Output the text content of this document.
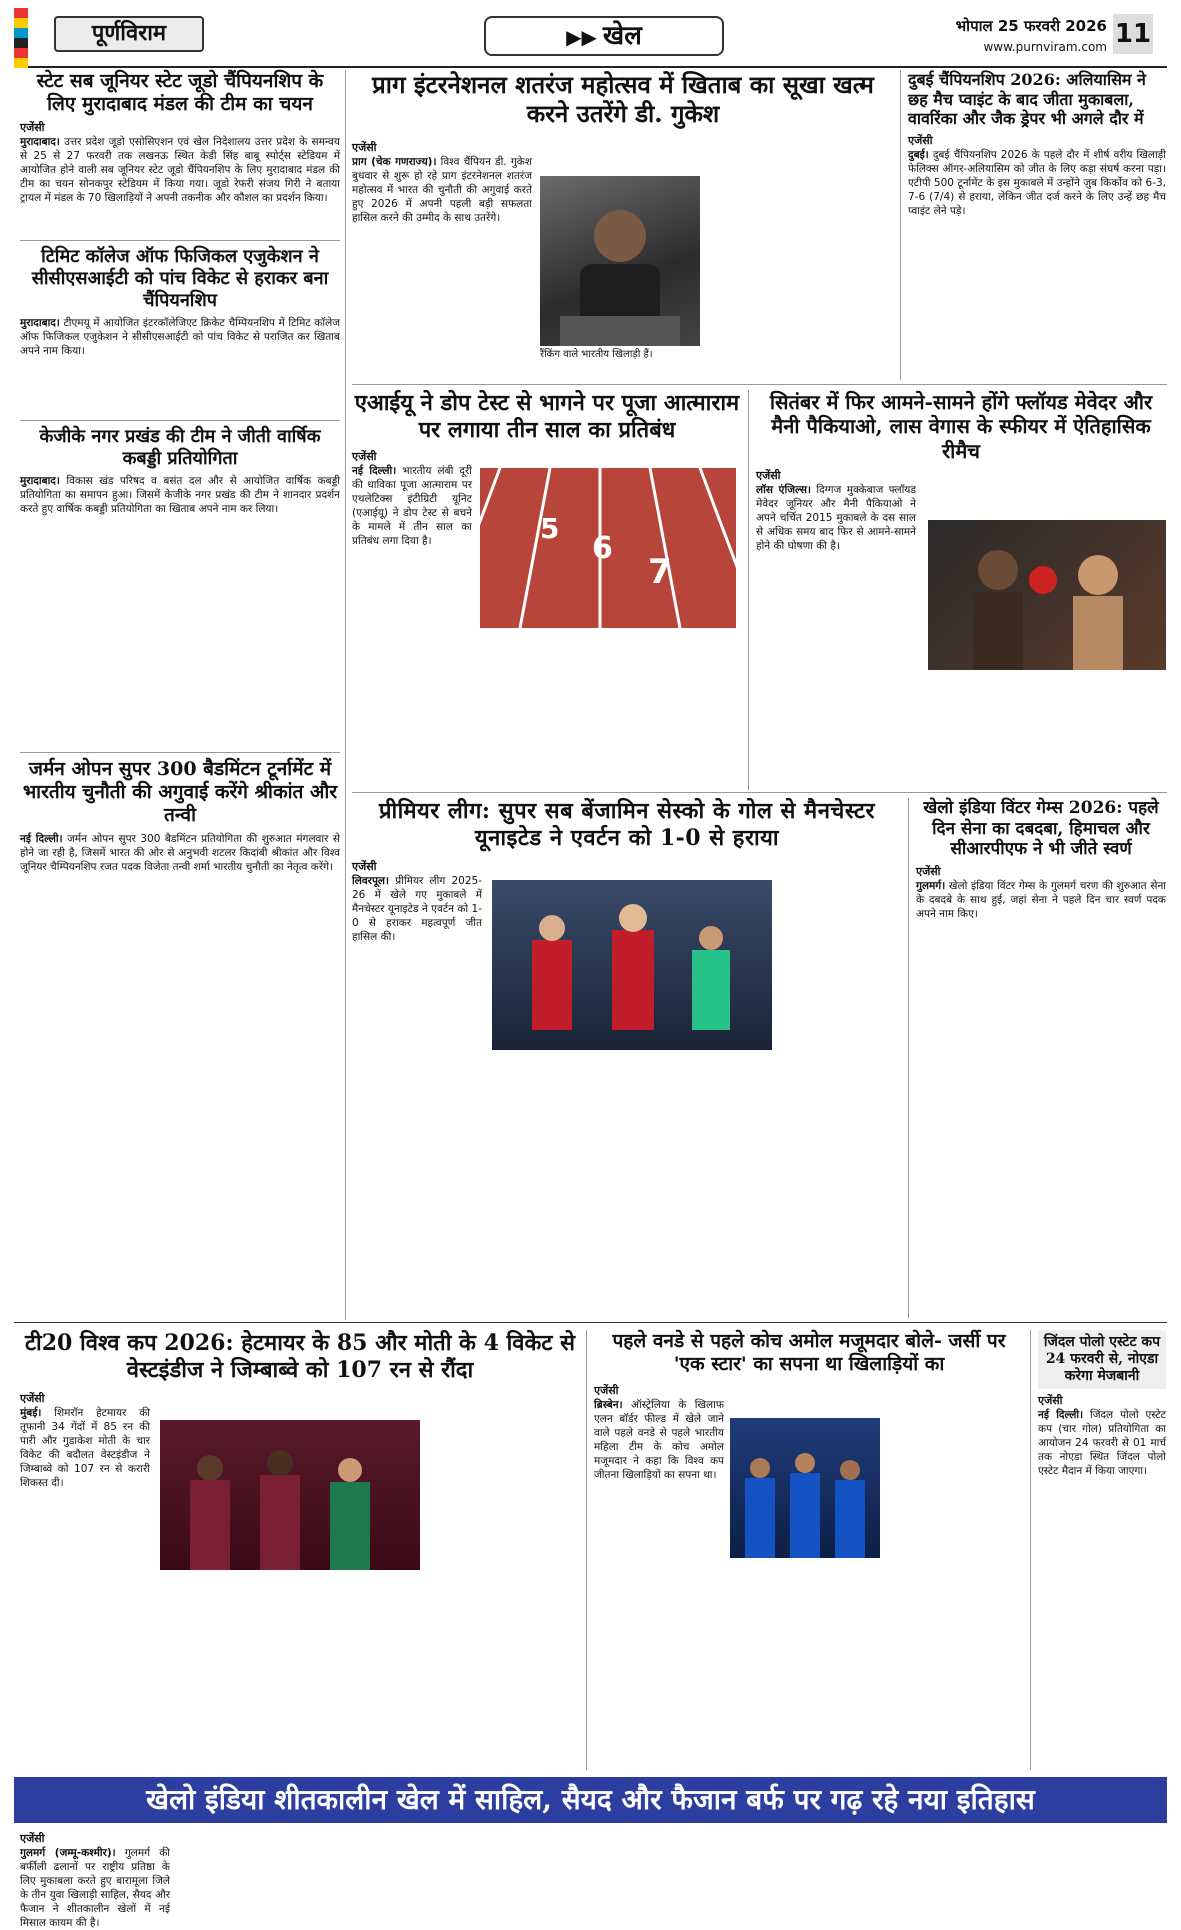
पूर्णविराम	▶▶ खेल	भोपाल 25 फरवरी 2026
www.purnviram.com 11
स्टेट सब जूनियर स्टेट जूडो चैंपियनशिप के लिए मुरादाबाद मंडल की टीम का चयन
एजेंसी
मुरादाबाद। उत्तर प्रदेश जूडो एसोसिएशन एवं खेल निदेशालय उत्तर प्रदेश के समन्वय से 25 से 27 फरवरी तक लखनऊ स्थित केडी सिंह बाबू स्पोर्ट्स स्टेडियम में आयोजित होने वाली सब जूनियर स्टेट जूडो चैंपियनशिप के लिए मुरादाबाद मंडल की टीम का चयन सोनकपुर स्टेडियम में किया गया। जूडो रेफरी संजय गिरी ने बताया ट्रायल में मंडल के 70 खिलाड़ियों ने अपनी तकनीक और कौशल का प्रदर्शन किया।
टिमिट कॉलेज ऑफ फिजिकल एजुकेशन ने सीसीएसआईटी को पांच विकेट से हराकर बना चैंपियनशिप
मुरादाबाद। टीएमयू में आयोजित इंटरकॉलेजिएट क्रिकेट चैम्पियनशिप में टिमिट कॉलेज ऑफ फिजिकल एजुकेशन ने सीसीएसआईटी को पांच विकेट से पराजित कर खिताब अपने नाम किया।
केजीके नगर प्रखंड की टीम ने जीती वार्षिक कबड्डी प्रतियोगिता
मुरादाबाद। विकास खंड परिषद व बसंत दल और से आयोजित वार्षिक कबड्डी प्रतियोगिता का समापन हुआ। जिसमें केजीके नगर प्रखंड की टीम ने शानदार प्रदर्शन करते हुए वार्षिक कबड्डी प्रतियोगिता का खिताब अपने नाम कर लिया।
जर्मन ओपन सुपर 300 बैडमिंटन टूर्नामेंट में भारतीय चुनौती की अगुवाई करेंगे श्रीकांत और तन्वी
नई दिल्ली। जर्मन ओपन सुपर 300 बैडमिंटन प्रतियोगिता की शुरुआत मंगलवार से होने जा रही है, जिसमें भारत की ओर से अनुभवी शटलर किदांबी श्रीकांत और विश्व जूनियर चैम्पियनशिप रजत पदक विजेता तन्वी शर्मा भारतीय चुनौती का नेतृत्व करेंगे।
प्राग इंटरनेशनल शतरंज महोत्सव में खिताब का सूखा खत्म करने उतरेंगे डी. गुकेश
एजेंसी
प्राग (चेक गणराज्य)। विश्व चैंपियन डी. गुकेश बुधवार से शुरू हो रहे प्राग इंटरनेशनल शतरंज महोत्सव में भारत की चुनौती की अगुवाई करते हुए 2026 में अपनी पहली बड़ी सफलता हासिल करने की उम्मीद के साथ उतरेंगे।
रैंकिंग वाले भारतीय खिलाड़ी हैं।
दुबई चैंपियनशिप 2026: अलियासिम ने छह मैच प्वाइंट के बाद जीता मुकाबला, वावरिंका और जैक ड्रेपर भी अगले दौर में
एजेंसी
दुबई। दुबई चैंपियनशिप 2026 के पहले दौर में शीर्ष वरीय खिलाड़ी फेलिक्स ऑगर-अलियासिम को जीत के लिए कड़ा संघर्ष करना पड़ा। एटीपी 500 टूर्नामेंट के इस मुकाबले में उन्होंने ज़ुब किर्कोव को 6-3, 7-6 (7/4) से हराया, लेकिन जीत दर्ज करने के लिए उन्हें छह मैच प्वाइंट लेने पड़े।
एआईयू ने डोप टेस्ट से भागने पर पूजा आत्माराम पर लगाया तीन साल का प्रतिबंध
एजेंसी
नई दिल्ली। भारतीय लंबी दूरी की धाविका पूजा आत्माराम पर एथलेटिक्स इंटीग्रिटी यूनिट (एआईयू) ने डोप टेस्ट से बचने के मामले में तीन साल का प्रतिबंध लगा दिया है।	5
6
7
सितंबर में फिर आमने-सामने होंगे फ्लॉयड मेवेदर और मैनी पैकियाओ, लास वेगास के स्फीयर में ऐतिहासिक रीमैच
एजेंसी
लॉस एंजिल्स। दिग्गज मुक्केबाज फ्लॉयड मेवेदर जूनियर और मैनी पैकियाओ ने अपने चर्चित 2015 मुकाबले के दस साल से अधिक समय बाद फिर से आमने-सामने होने की घोषणा की है।
प्रीमियर लीग: सुपर सब बेंजामिन सेस्को के गोल से मैनचेस्टर यूनाइटेड ने एवर्टन को 1-0 से हराया
एजेंसी
लिवरपूल। प्रीमियर लीग 2025-26 में खेले गए मुकाबले में मैनचेस्टर यूनाइटेड ने एवर्टन को 1-0 से हराकर महत्वपूर्ण जीत हासिल की।
खेलो इंडिया विंटर गेम्स 2026: पहले दिन सेना का दबदबा, हिमाचल और सीआरपीएफ ने भी जीते स्वर्ण
एजेंसी
गुलमर्ग। खेलो इंडिया विंटर गेम्स के गुलमर्ग चरण की शुरुआत सेना के दबदबे के साथ हुई, जहां सेना ने पहले दिन चार स्वर्ण पदक अपने नाम किए।
टी20 विश्व कप 2026: हेटमायर के 85 और मोती के 4 विकेट से वेस्टइंडीज ने जिम्बाब्वे को 107 रन से रौंदा
एजेंसी
मुंबई। शिमरॉन हेटमायर की तूफानी 34 गेंदों में 85 रन की पारी और गुडाकेश मोती के चार विकेट की बदौलत वेस्टइंडीज ने जिम्बाब्वे को 107 रन से करारी शिकस्त दी।
पहले वनडे से पहले कोच अमोल मजूमदार बोले- जर्सी पर 'एक स्टार' का सपना था खिलाड़ियों का
एजेंसी
ब्रिस्बेन। ऑस्ट्रेलिया के खिलाफ एलन बॉर्डर फील्ड में खेले जाने वाले पहले वनडे से पहले भारतीय महिला टीम के कोच अमोल मजूमदार ने कहा कि विश्व कप जीतना खिलाड़ियों का सपना था।
जिंदल पोलो एस्टेट कप 24 फरवरी से, नोएडा करेगा मेजबानी
एजेंसी
नई दिल्ली। जिंदल पोलो एस्टेट कप (चार गोल) प्रतियोगिता का आयोजन 24 फरवरी से 01 मार्च तक नोएडा स्थित जिंदल पोलो एस्टेट मैदान में किया जाएगा।
खेलो इंडिया शीतकालीन खेल में साहिल, सैयद और फैजान बर्फ पर गढ़ रहे नया इतिहास
एजेंसी
गुलमर्ग (जम्मू-कश्मीर)। गुलमर्ग की बर्फीली ढलानों पर राष्ट्रीय प्रतिष्ठा के लिए मुकाबला करते हुए बारामूला जिले के तीन युवा खिलाड़ी साहिल, सैयद और फैजान ने शीतकालीन खेलों में नई मिसाल कायम की है।
